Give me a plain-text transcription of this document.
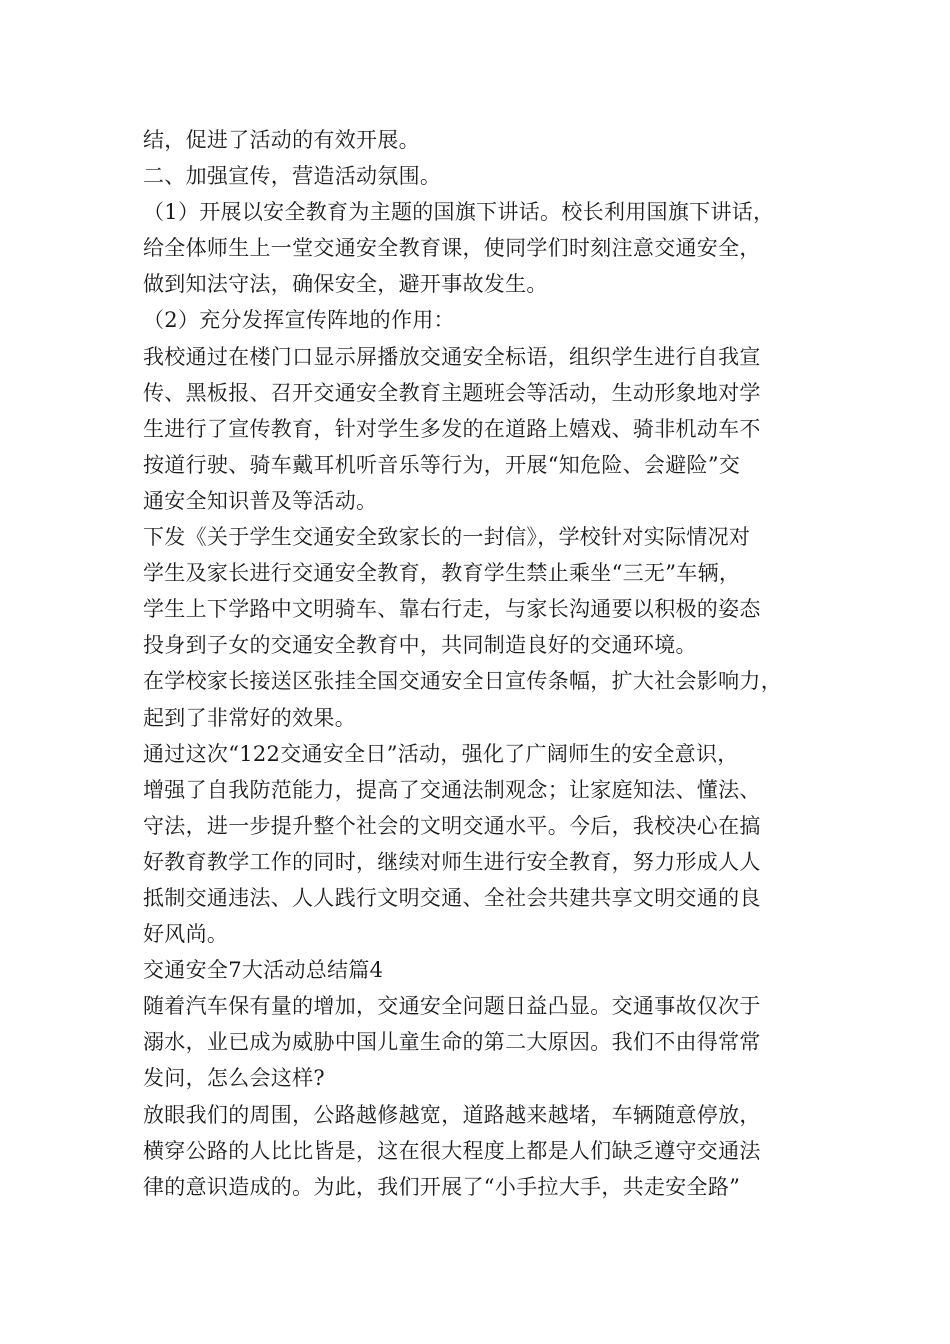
结，促进了活动的有效开展。
二、加强宣传，营造活动氛围。
（1）开展以安全教育为主题的国旗下讲话。校长利用国旗下讲话，
给全体师生上一堂交通安全教育课，使同学们时刻注意交通安全，
做到知法守法，确保安全，避开事故发生。
（2）充分发挥宣传阵地的作用：
我校通过在楼门口显示屏播放交通安全标语，组织学生进行自我宣
传、黑板报、召开交通安全教育主题班会等活动，生动形象地对学
生进行了宣传教育，针对学生多发的在道路上嬉戏、骑非机动车不
按道行驶、骑车戴耳机听音乐等行为，开展“知危险、会避险”交
通安全知识普及等活动。
下发《关于学生交通安全致家长的一封信》，学校针对实际情况对
学生及家长进行交通安全教育，教育学生禁止乘坐“三无”车辆，
学生上下学路中文明骑车、靠右行走，与家长沟通要以积极的姿态
投身到子女的交通安全教育中，共同制造良好的交通环境。
在学校家长接送区张挂全国交通安全日宣传条幅，扩大社会影响力，
起到了非常好的效果。
通过这次“122交通安全日”活动，强化了广阔师生的安全意识，
增强了自我防范能力，提高了交通法制观念；让家庭知法、懂法、
守法，进一步提升整个社会的文明交通水平。今后，我校决心在搞
好教育教学工作的同时，继续对师生进行安全教育，努力形成人人
抵制交通违法、人人践行文明交通、全社会共建共享文明交通的良
好风尚。
交通安全7大活动总结篇4
随着汽车保有量的增加，交通安全问题日益凸显。交通事故仅次于
溺水，业已成为威胁中国儿童生命的第二大原因。我们不由得常常
发问，怎么会这样?
放眼我们的周围，公路越修越宽，道路越来越堵，车辆随意停放，
横穿公路的人比比皆是，这在很大程度上都是人们缺乏遵守交通法
律的意识造成的。为此，我们开展了“小手拉大手，共走安全路”
